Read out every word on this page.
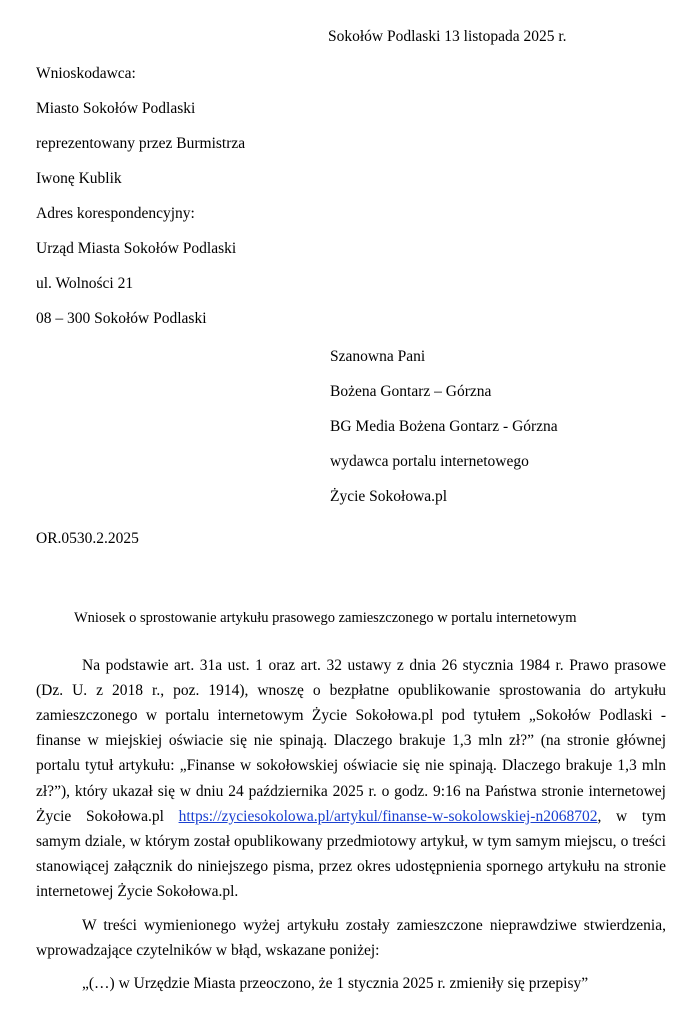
Sokołów Podlaski 13 listopada 2025 r.
Wnioskodawca:
Miasto Sokołów Podlaski
reprezentowany przez Burmistrza
Iwonę Kublik
Adres korespondencyjny:
Urząd Miasta Sokołów Podlaski
ul. Wolności 21
08 – 300 Sokołów Podlaski
Szanowna Pani
Bożena Gontarz – Górzna
BG Media Bożena Gontarz - Górzna
wydawca portalu internetowego
Życie Sokołowa.pl
OR.0530.2.2025
Wniosek o sprostowanie artykułu prasowego zamieszczonego w portalu internetowym

Na podstawie art. 31a ust. 1 oraz art. 32 ustawy z dnia 26 stycznia 1984 r. Prawo prasowe (Dz. U. z 2018 r., poz. 1914), wnoszę o bezpłatne opublikowanie sprostowania do artykułu zamieszczonego w portalu internetowym Życie Sokołowa.pl pod tytułem „Sokołów Podlaski - finanse w miejskiej oświacie się nie spinają. Dlaczego brakuje 1,3 mln zł?” (na stronie głównej portalu tytuł artykułu: „Finanse w sokołowskiej oświacie się nie spinają. Dlaczego brakuje 1,3 mln zł?”), który ukazał się w dniu 24 października 2025 r. o godz. 9:16 na Państwa stronie internetowej Życie Sokołowa.pl https://zyciesokolowa.pl/artykul/finanse-w-sokolowskiej-n2068702, w tym samym dziale, w którym został opublikowany przedmiotowy artykuł, w tym samym miejscu, o treści stanowiącej załącznik do niniejszego pisma, przez okres udostępnienia spornego artykułu na stronie internetowej Życie Sokołowa.pl.

W treści wymienionego wyżej artykułu zostały zamieszczone nieprawdziwe stwierdzenia, wprowadzające czytelników w błąd, wskazane poniżej:

„(…) w Urzędzie Miasta przeoczono, że 1 stycznia 2025 r. zmieniły się przepisy”
